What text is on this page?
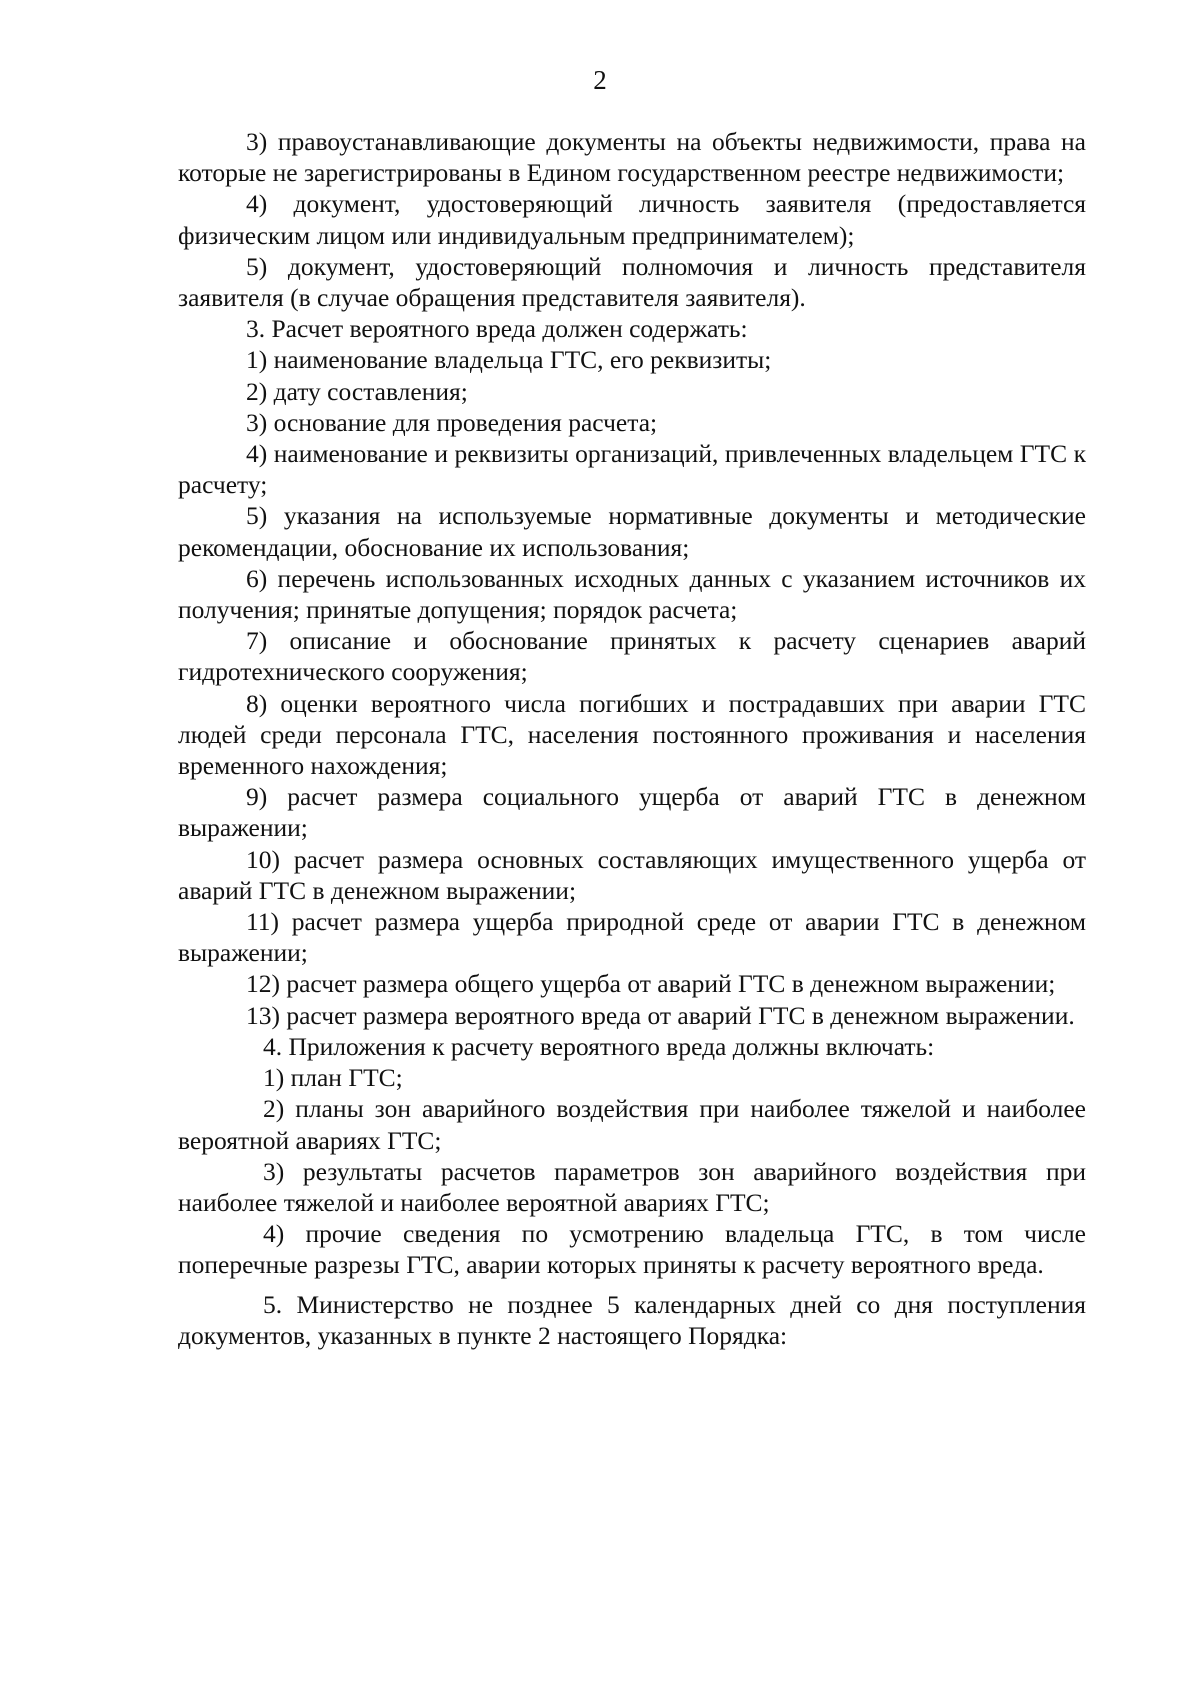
2

3) правоустанавливающие документы на объекты недвижимости, права на которые не зарегистрированы в Едином государственном реестре недвижимости;

4) документ, удостоверяющий личность заявителя (предоставляется физическим лицом или индивидуальным предпринимателем);

5) документ, удостоверяющий полномочия и личность представителя заявителя (в случае обращения представителя заявителя).

3. Расчет вероятного вреда должен содержать:

1) наименование владельца ГТС, его реквизиты;

2) дату составления;

3) основание для проведения расчета;

4) наименование и реквизиты организаций, привлеченных владельцем ГТС к расчету;

5) указания на используемые нормативные документы и методические рекомендации, обоснование их использования;

6) перечень использованных исходных данных с указанием источников их получения; принятые допущения; порядок расчета;

7) описание и обоснование принятых к расчету сценариев аварий гидротехнического сооружения;

8) оценки вероятного числа погибших и пострадавших при аварии ГТС людей среди персонала ГТС, населения постоянного проживания и населения временного нахождения;

9) расчет размера социального ущерба от аварий ГТС в денежном выражении;

10) расчет размера основных составляющих имущественного ущерба от аварий ГТС в денежном выражении;

11) расчет размера ущерба природной среде от аварии ГТС в денежном выражении;

12) расчет размера общего ущерба от аварий ГТС в денежном выражении;

13) расчет размера вероятного вреда от аварий ГТС в денежном выражении.

4. Приложения к расчету вероятного вреда должны включать:

1) план ГТС;

2) планы зон аварийного воздействия при наиболее тяжелой и наиболее вероятной авариях ГТС;

3) результаты расчетов параметров зон аварийного воздействия при наиболее тяжелой и наиболее вероятной авариях ГТС;

4) прочие сведения по усмотрению владельца ГТС, в том числе поперечные разрезы ГТС, аварии которых приняты к расчету вероятного вреда.

5. Министерство не позднее 5 календарных дней со дня поступления документов, указанных в пункте 2 настоящего Порядка:
